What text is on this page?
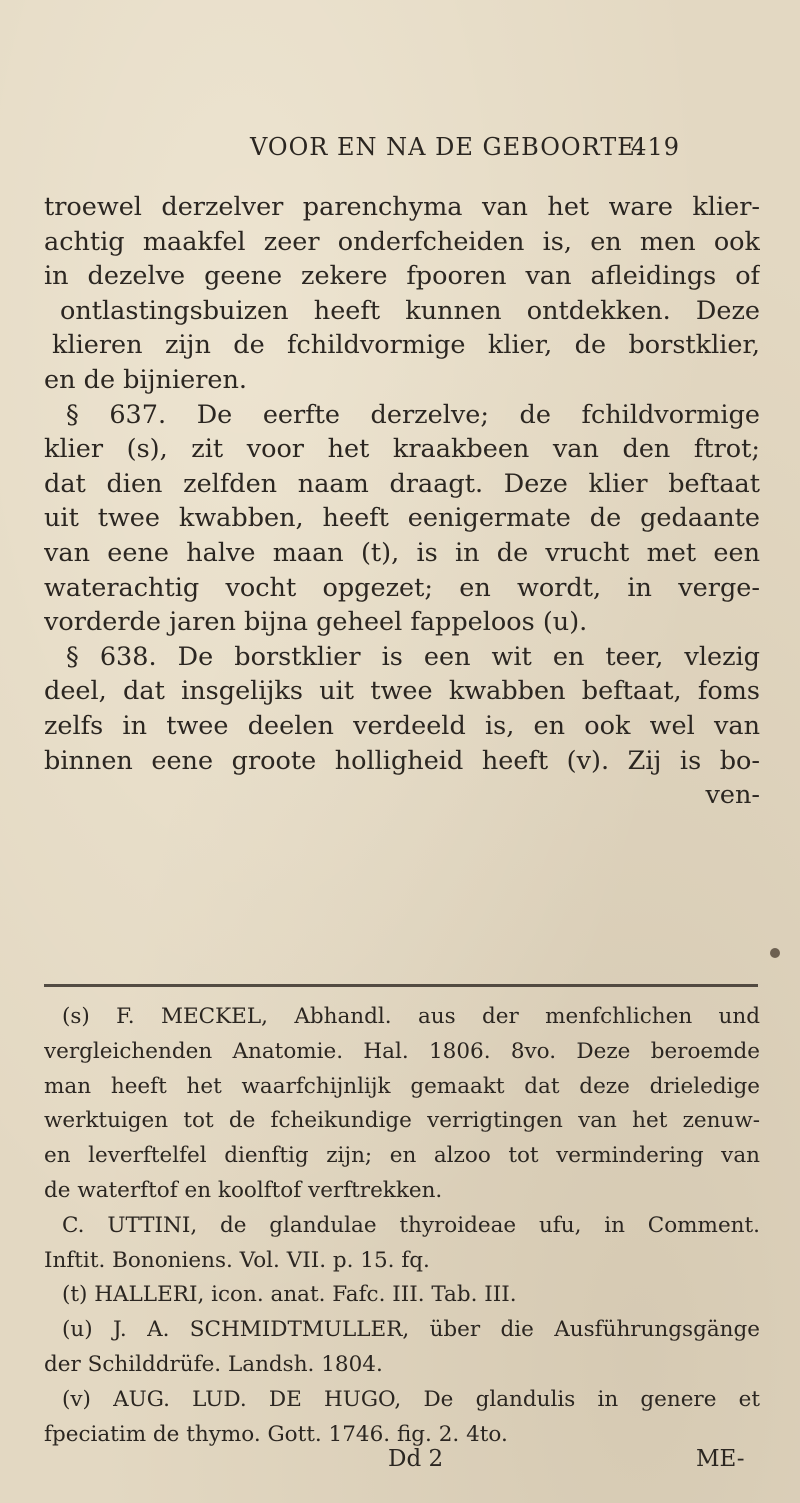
VOOR EN NA DE GEBOORTE.
419
troewel derzelver parenchyma van het ware klier-
achtig maakfel zeer onderfcheiden is, en men ook
in dezelve geene zekere fpooren van afleidings of
ontlastingsbuizen heeft kunnen ontdekken. Deze
klieren zijn de fchildvormige klier, de borstklier,
en de bijnieren.
§ 637. De eerfte derzelve; de fchildvormige
klier (s), zit voor het kraakbeen van den ftrot;
dat dien zelfden naam draagt. Deze klier beftaat
uit twee kwabben, heeft eenigermate de gedaante
van eene halve maan (t), is in de vrucht met een
waterachtig vocht opgezet; en wordt, in verge-
vorderde jaren bijna geheel fappeloos (u).
§ 638. De borstklier is een wit en teer, vlezig
deel, dat insgelijks uit twee kwabben beftaat, foms
zelfs in twee deelen verdeeld is, en ook wel van
binnen eene groote holligheid heeft (v). Zij is bo-
ven-
(s) F. MECKEL, Abhandl. aus der menfchlichen und
vergleichenden Anatomie. Hal. 1806. 8vo. Deze beroemde
man heeft het waarfchijnlijk gemaakt dat deze drieledige
werktuigen tot de fcheikundige verrigtingen van het zenuw-
en leverftelfel dienftig zijn; en alzoo tot vermindering van
de waterftof en koolftof verftrekken.
C. UTTINI, de glandulae thyroideae ufu, in Comment.
Inftit. Bononiens. Vol. VII. p. 15. fq.
(t) HALLERI, icon. anat. Fafc. III. Tab. III.
(u) J. A. SCHMIDTMULLER, über die Ausführungsgänge
der Schilddrüfe. Landsh. 1804.
(v) AUG. LUD. DE HUGO, De glandulis in genere et
fpeciatim de thymo. Gott. 1746. fig. 2. 4to.
Dd 2	ME-
